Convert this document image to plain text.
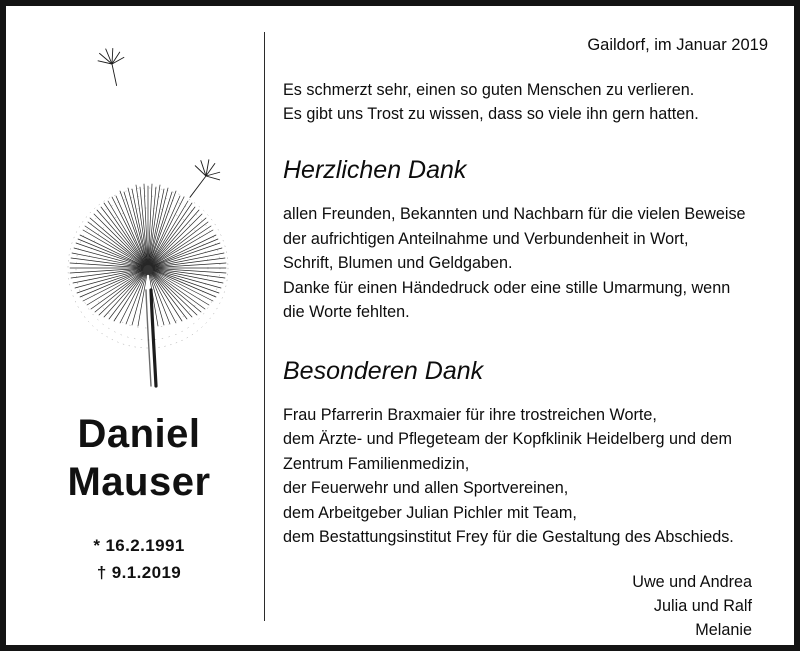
Daniel
Mauser
* 16.2.1991
† 9.1.2019
Gaildorf, im Januar 2019
Es schmerzt sehr, einen so guten Menschen zu verlieren.
Es gibt uns Trost zu wissen, dass so viele ihn gern hatten.
Herzlichen Dank
allen Freunden, Bekannten und Nachbarn für die vielen Beweise
der aufrichtigen Anteilnahme und Verbundenheit in Wort,
Schrift, Blumen und Geldgaben.
Danke für einen Händedruck oder eine stille Umarmung, wenn
die Worte fehlten.
Besonderen Dank
Frau Pfarrerin Braxmaier für ihre trostreichen Worte,
dem Ärzte- und Pflegeteam der Kopfklinik Heidelberg und dem
Zentrum Familienmedizin,
der Feuerwehr und allen Sportvereinen,
dem Arbeitgeber Julian Pichler mit Team,
dem Bestattungsinstitut Frey für die Gestaltung des Abschieds.
Uwe und Andrea
Julia und Ralf
Melanie
